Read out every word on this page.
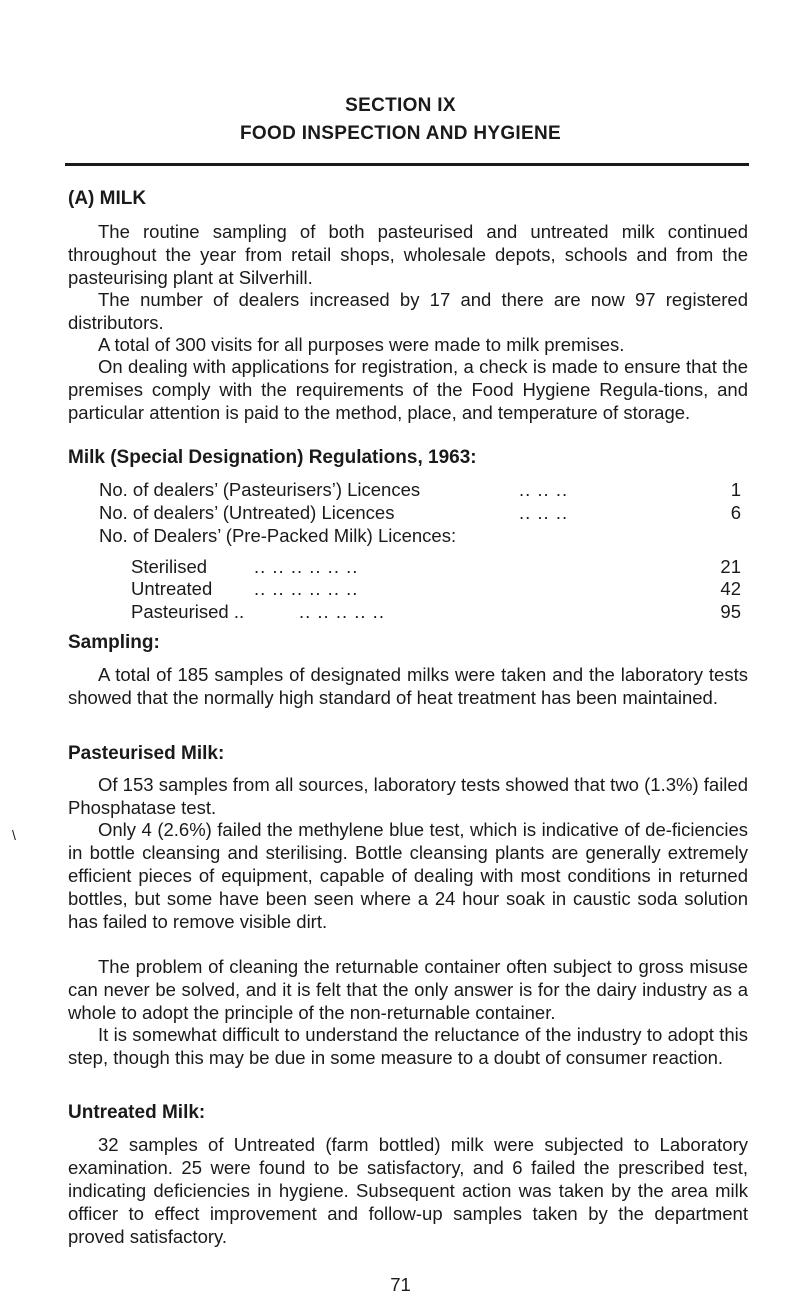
SECTION IX
FOOD INSPECTION AND HYGIENE
(A) MILK
The routine sampling of both pasteurised and untreated milk continued throughout the year from retail shops, wholesale depots, schools and from the pasteurising plant at Silverhill.
The number of dealers increased by 17 and there are now 97 registered distributors.
A total of 300 visits for all purposes were made to milk premises.
On dealing with applications for registration, a check is made to ensure that the premises comply with the requirements of the Food Hygiene Regula-tions, and particular attention is paid to the method, place, and temperature of storage.
Milk (Special Designation) Regulations, 1963:
No. of dealers’ (Pasteurisers’) Licences	.. .. ..	1
No. of dealers’ (Untreated) Licences	.. .. ..	6
No. of Dealers’ (Pre-Packed Milk) Licences:
Sterilised	.. .. .. .. .. ..	21
Untreated .. .. .. .. .. ..	42
Pasteurised ..	.. .. .. .. ..	95
Sampling:
A total of 185 samples of designated milks were taken and the laboratory tests showed that the normally high standard of heat treatment has been maintained.
Pasteurised Milk:
Of 153 samples from all sources, laboratory tests showed that two (1.3%) failed Phosphatase test.
Only 4 (2.6%) failed the methylene blue test, which is indicative of de-ficiencies in bottle cleansing and sterilising. Bottle cleansing plants are generally extremely efficient pieces of equipment, capable of dealing with most conditions in returned bottles, but some have been seen where a 24 hour soak in caustic soda solution has failed to remove visible dirt.
The problem of cleaning the returnable container often subject to gross misuse can never be solved, and it is felt that the only answer is for the dairy industry as a whole to adopt the principle of the non-returnable container.
It is somewhat difficult to understand the reluctance of the industry to adopt this step, though this may be due in some measure to a doubt of consumer reaction.
Untreated Milk:
32 samples of Untreated (farm bottled) milk were subjected to Laboratory examination. 25 were found to be satisfactory, and 6 failed the prescribed test, indicating deficiencies in hygiene. Subsequent action was taken by the area milk officer to effect improvement and follow-up samples taken by the department proved satisfactory.
\
71
